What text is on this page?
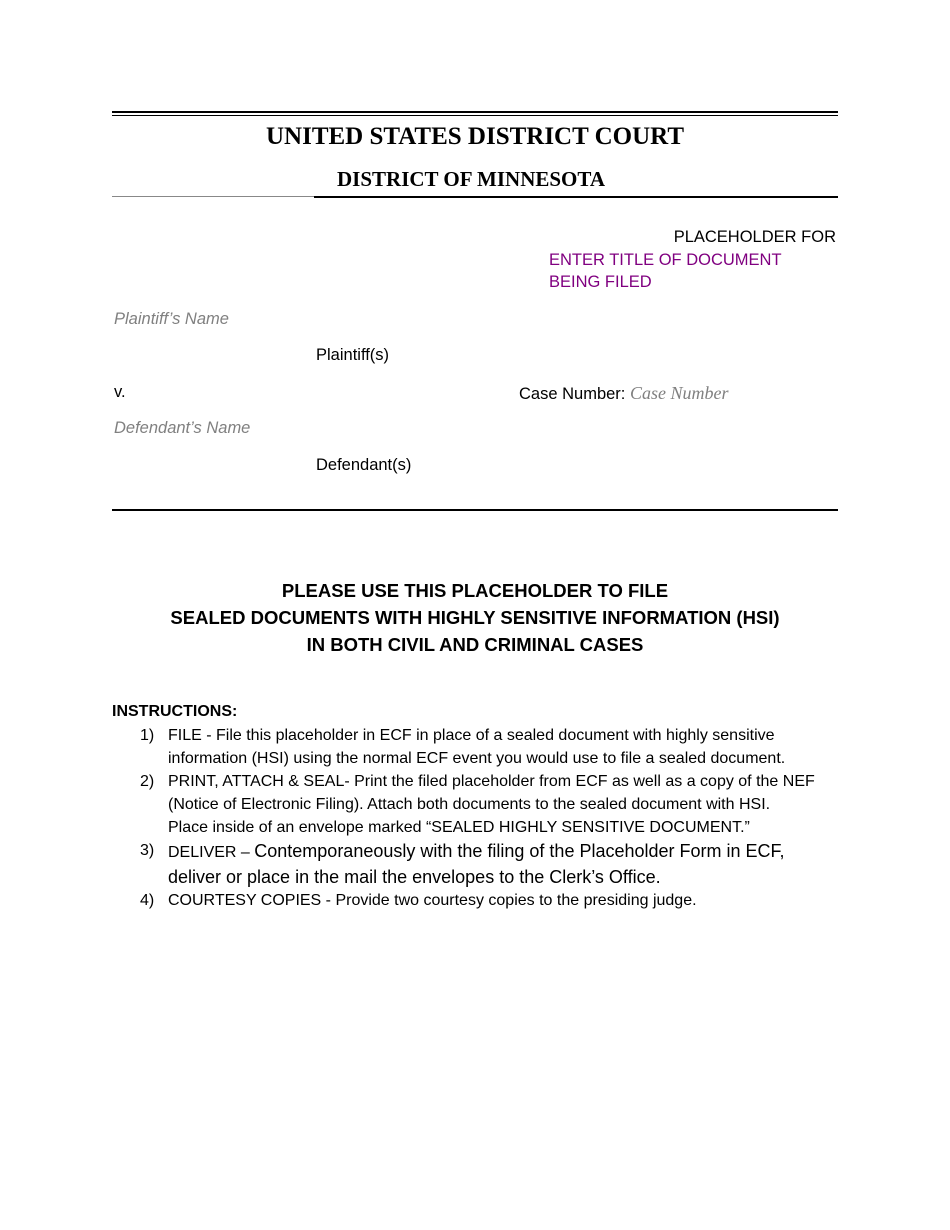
UNITED STATES DISTRICT COURT
DISTRICT OF MINNESOTA
PLACEHOLDER FOR
ENTER TITLE OF DOCUMENT
BEING FILED
Plaintiff’s Name
Plaintiff(s)
v.	Case Number: Case Number
Defendant’s Name
Defendant(s)
PLEASE USE THIS PLACEHOLDER TO FILE
SEALED DOCUMENTS WITH HIGHLY SENSITIVE INFORMATION (HSI)
IN BOTH CIVIL AND CRIMINAL CASES
INSTRUCTIONS:
1) FILE - File this placeholder in ECF in place of a sealed document with highly sensitive
information (HSI) using the normal ECF event you would use to file a sealed document.
2) PRINT, ATTACH & SEAL- Print the filed placeholder from ECF as well as a copy of the NEF
(Notice of Electronic Filing). Attach both documents to the sealed document with HSI.
Place inside of an envelope marked “SEALED HIGHLY SENSITIVE DOCUMENT.”
3) DELIVER – Contemporaneously with the filing of the Placeholder Form in ECF,
deliver or place in the mail the envelopes to the Clerk’s Office.
4) COURTESY COPIES - Provide two courtesy copies to the presiding judge.
